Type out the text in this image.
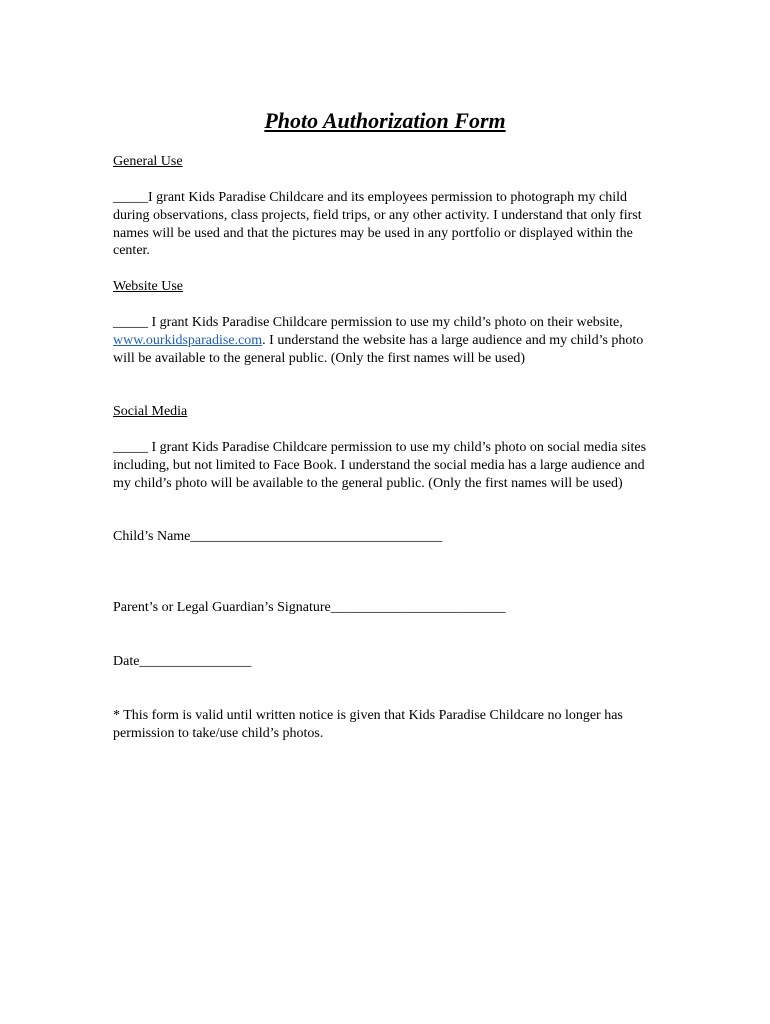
Photo Authorization Form
General Use
_____I grant Kids Paradise Childcare and its employees permission to photograph my child during observations, class projects, field trips, or any other activity. I understand that only first names will be used and that the pictures may be used in any portfolio or displayed within the center.
Website Use
_____ I grant Kids Paradise Childcare permission to use my child’s photo on their website, www.ourkidsparadise.com. I understand the website has a large audience and my child’s photo will be available to the general public. (Only the first names will be used)
Social Media
_____ I grant Kids Paradise Childcare permission to use my child’s photo on social media sites including, but not limited to Face Book. I understand the social media has a large audience and my child’s photo will be available to the general public. (Only the first names will be used)
Child’s Name____________________________________
Parent’s or Legal Guardian’s Signature_________________________
Date________________
* This form is valid until written notice is given that Kids Paradise Childcare no longer has permission to take/use child’s photos.
